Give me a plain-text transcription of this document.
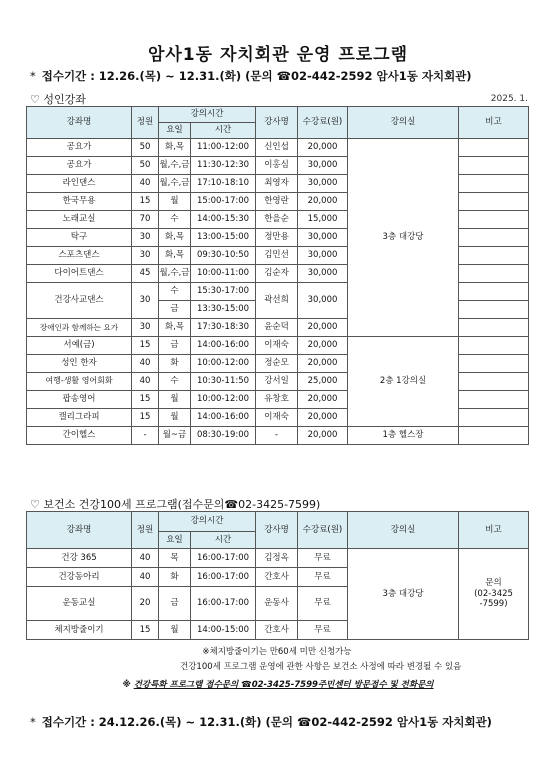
암사1동 자치회관 운영 프로그램
* 접수기간 : 12.26.(목) ~ 12.31.(화) (문의 ☎02-442-2592 암사1동 자치회관)
♡ 성인강좌	2025. 1.
강좌명	정원	강의시간		강사명	수강료(원)	강의실	비고
		요일	시간				
공요가	50	화,목	11:00-12:00	신인섭	20,000	3층 대강당	
공요가	50	월,수,금	11:30-12:30	이홍심	30,000		
라인댄스	40	월,수,금	17:10-18:10	최영자	30,000		
한국무용	15	월	15:00-17:00	한영란	20,000		
노래교실	70	수	14:00-15:30	한을순	15,000		
탁구	30	화,목	13:00-15:00	정만용	30,000		
스포츠댄스	30	화,목	09:30-10:50	김민선	30,000		
다이어트댄스	45	월,수,금	10:00-11:00	김순자	30,000		
건강사교댄스	30	수	15:30-17:00	곽선희	30,000		
		금	13:30-15:00				
장애인과 함께하는 요가	30	화,목	17:30-18:30	윤순덕	20,000		
서예(금)	15	금	14:00-16:00	이재숙	20,000	2층 1강의실	
성인 한자	40	화	10:00-12:00	정순모	20,000		
여행-생활 영어회화	40	수	10:30-11:50	강서일	25,000		
팝송영어	15	월	10:00-12:00	유창호	20,000		
캘리그라피	15	월	14:00-16:00	이재숙	20,000		
간이헬스	-	월~금	08:30-19:00	-	20,000	1층 헬스장	
♡ 보건소 건강100세 프로그램(접수문의☎02-3425-7599)
강좌명	정원	강의시간		강사명	수강료(원)	강의실	비고
		요일	시간				
건강 365	40	목	16:00-17:00	김정옥	무료	3층 대강당	문의
(02-3425
-7599)
건강동아리	40	화	16:00-17:00	간호사	무료		
운동교실	20	금	16:00-17:00	운동사	무료		
체지방줄이기	15	월	14:00-15:00	간호사	무료		
※체지방줄이기는 만60세 미만 신청가능
건강100세 프로그램 운영에 관한 사항은 보건소 사정에 따라 변경될 수 있음
※ 건강특화 프로그램 접수문의 ☎02-3425-7599주민센터 방문접수 및 전화문의
* 접수기간 : 24.12.26.(목) ~ 12.31.(화) (문의 ☎02-442-2592 암사1동 자치회관)
